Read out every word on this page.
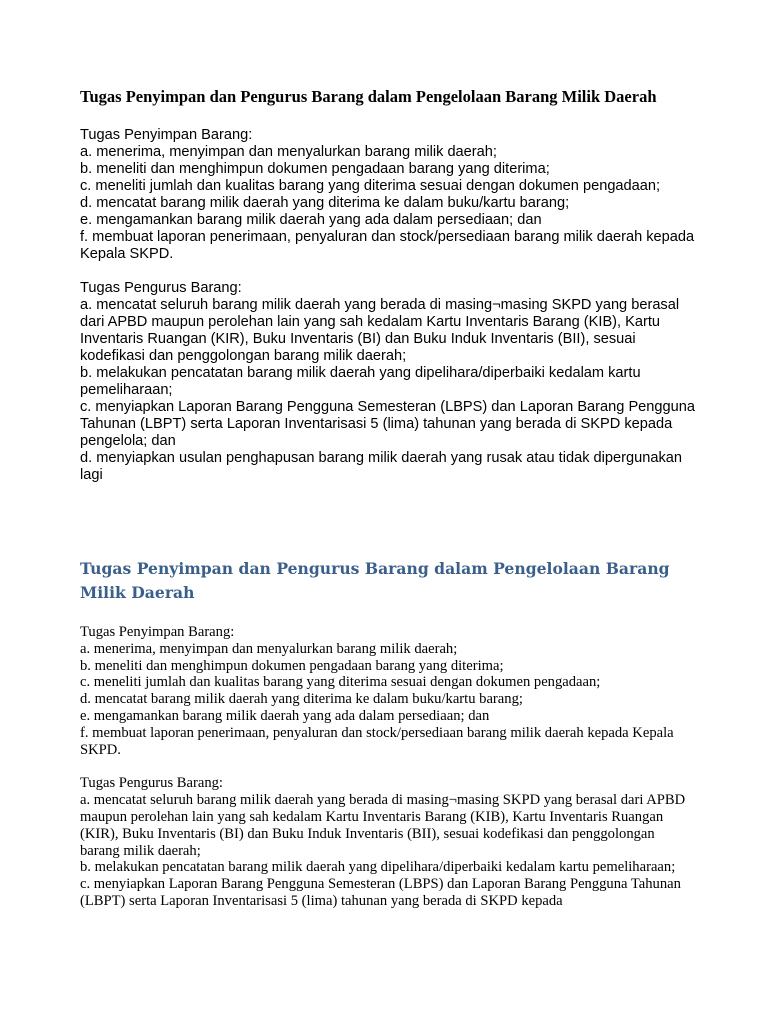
Tugas Penyimpan dan Pengurus Barang dalam Pengelolaan Barang Milik Daerah

Tugas Penyimpan Barang:

a. menerima, menyimpan dan menyalurkan barang milik daerah;

b. meneliti dan menghimpun dokumen pengadaan barang yang diterima;

c. meneliti jumlah dan kualitas barang yang diterima sesuai dengan dokumen pengadaan;

d. mencatat barang milik daerah yang diterima ke dalam buku/kartu barang;

e. mengamankan barang milik daerah yang ada dalam persediaan; dan

f. membuat laporan penerimaan, penyaluran dan stock/persediaan barang milik daerah kepada Kepala SKPD.

Tugas Pengurus Barang:

a. mencatat seluruh barang milik daerah yang berada di masing¬masing SKPD yang berasal dari APBD maupun perolehan lain yang sah kedalam Kartu Inventaris Barang (KIB), Kartu Inventaris Ruangan (KIR), Buku Inventaris (BI) dan Buku Induk Inventaris (BII), sesuai kodefikasi dan penggolongan barang milik daerah;

b. melakukan pencatatan barang milik daerah yang dipelihara/diperbaiki kedalam kartu pemeliharaan;

c. menyiapkan Laporan Barang Pengguna Semesteran (LBPS) dan Laporan Barang Pengguna Tahunan (LBPT) serta Laporan Inventarisasi 5 (lima) tahunan yang berada di SKPD kepada pengelola; dan

d. menyiapkan usulan penghapusan barang milik daerah yang rusak atau tidak dipergunakan lagi

Tugas Penyimpan dan Pengurus Barang dalam Pengelolaan Barang Milik Daerah

Tugas Penyimpan Barang:

a. menerima, menyimpan dan menyalurkan barang milik daerah;

b. meneliti dan menghimpun dokumen pengadaan barang yang diterima;

c. meneliti jumlah dan kualitas barang yang diterima sesuai dengan dokumen pengadaan;

d. mencatat barang milik daerah yang diterima ke dalam buku/kartu barang;

e. mengamankan barang milik daerah yang ada dalam persediaan; dan

f. membuat laporan penerimaan, penyaluran dan stock/persediaan barang milik daerah kepada Kepala SKPD.

Tugas Pengurus Barang:

a. mencatat seluruh barang milik daerah yang berada di masing¬masing SKPD yang berasal dari APBD maupun perolehan lain yang sah kedalam Kartu Inventaris Barang (KIB), Kartu Inventaris Ruangan (KIR), Buku Inventaris (BI) dan Buku Induk Inventaris (BII), sesuai kodefikasi dan penggolongan barang milik daerah;

b. melakukan pencatatan barang milik daerah yang dipelihara/diperbaiki kedalam kartu pemeliharaan;

c. menyiapkan Laporan Barang Pengguna Semesteran (LBPS) dan Laporan Barang Pengguna Tahunan (LBPT) serta Laporan Inventarisasi 5 (lima) tahunan yang berada di SKPD kepada
